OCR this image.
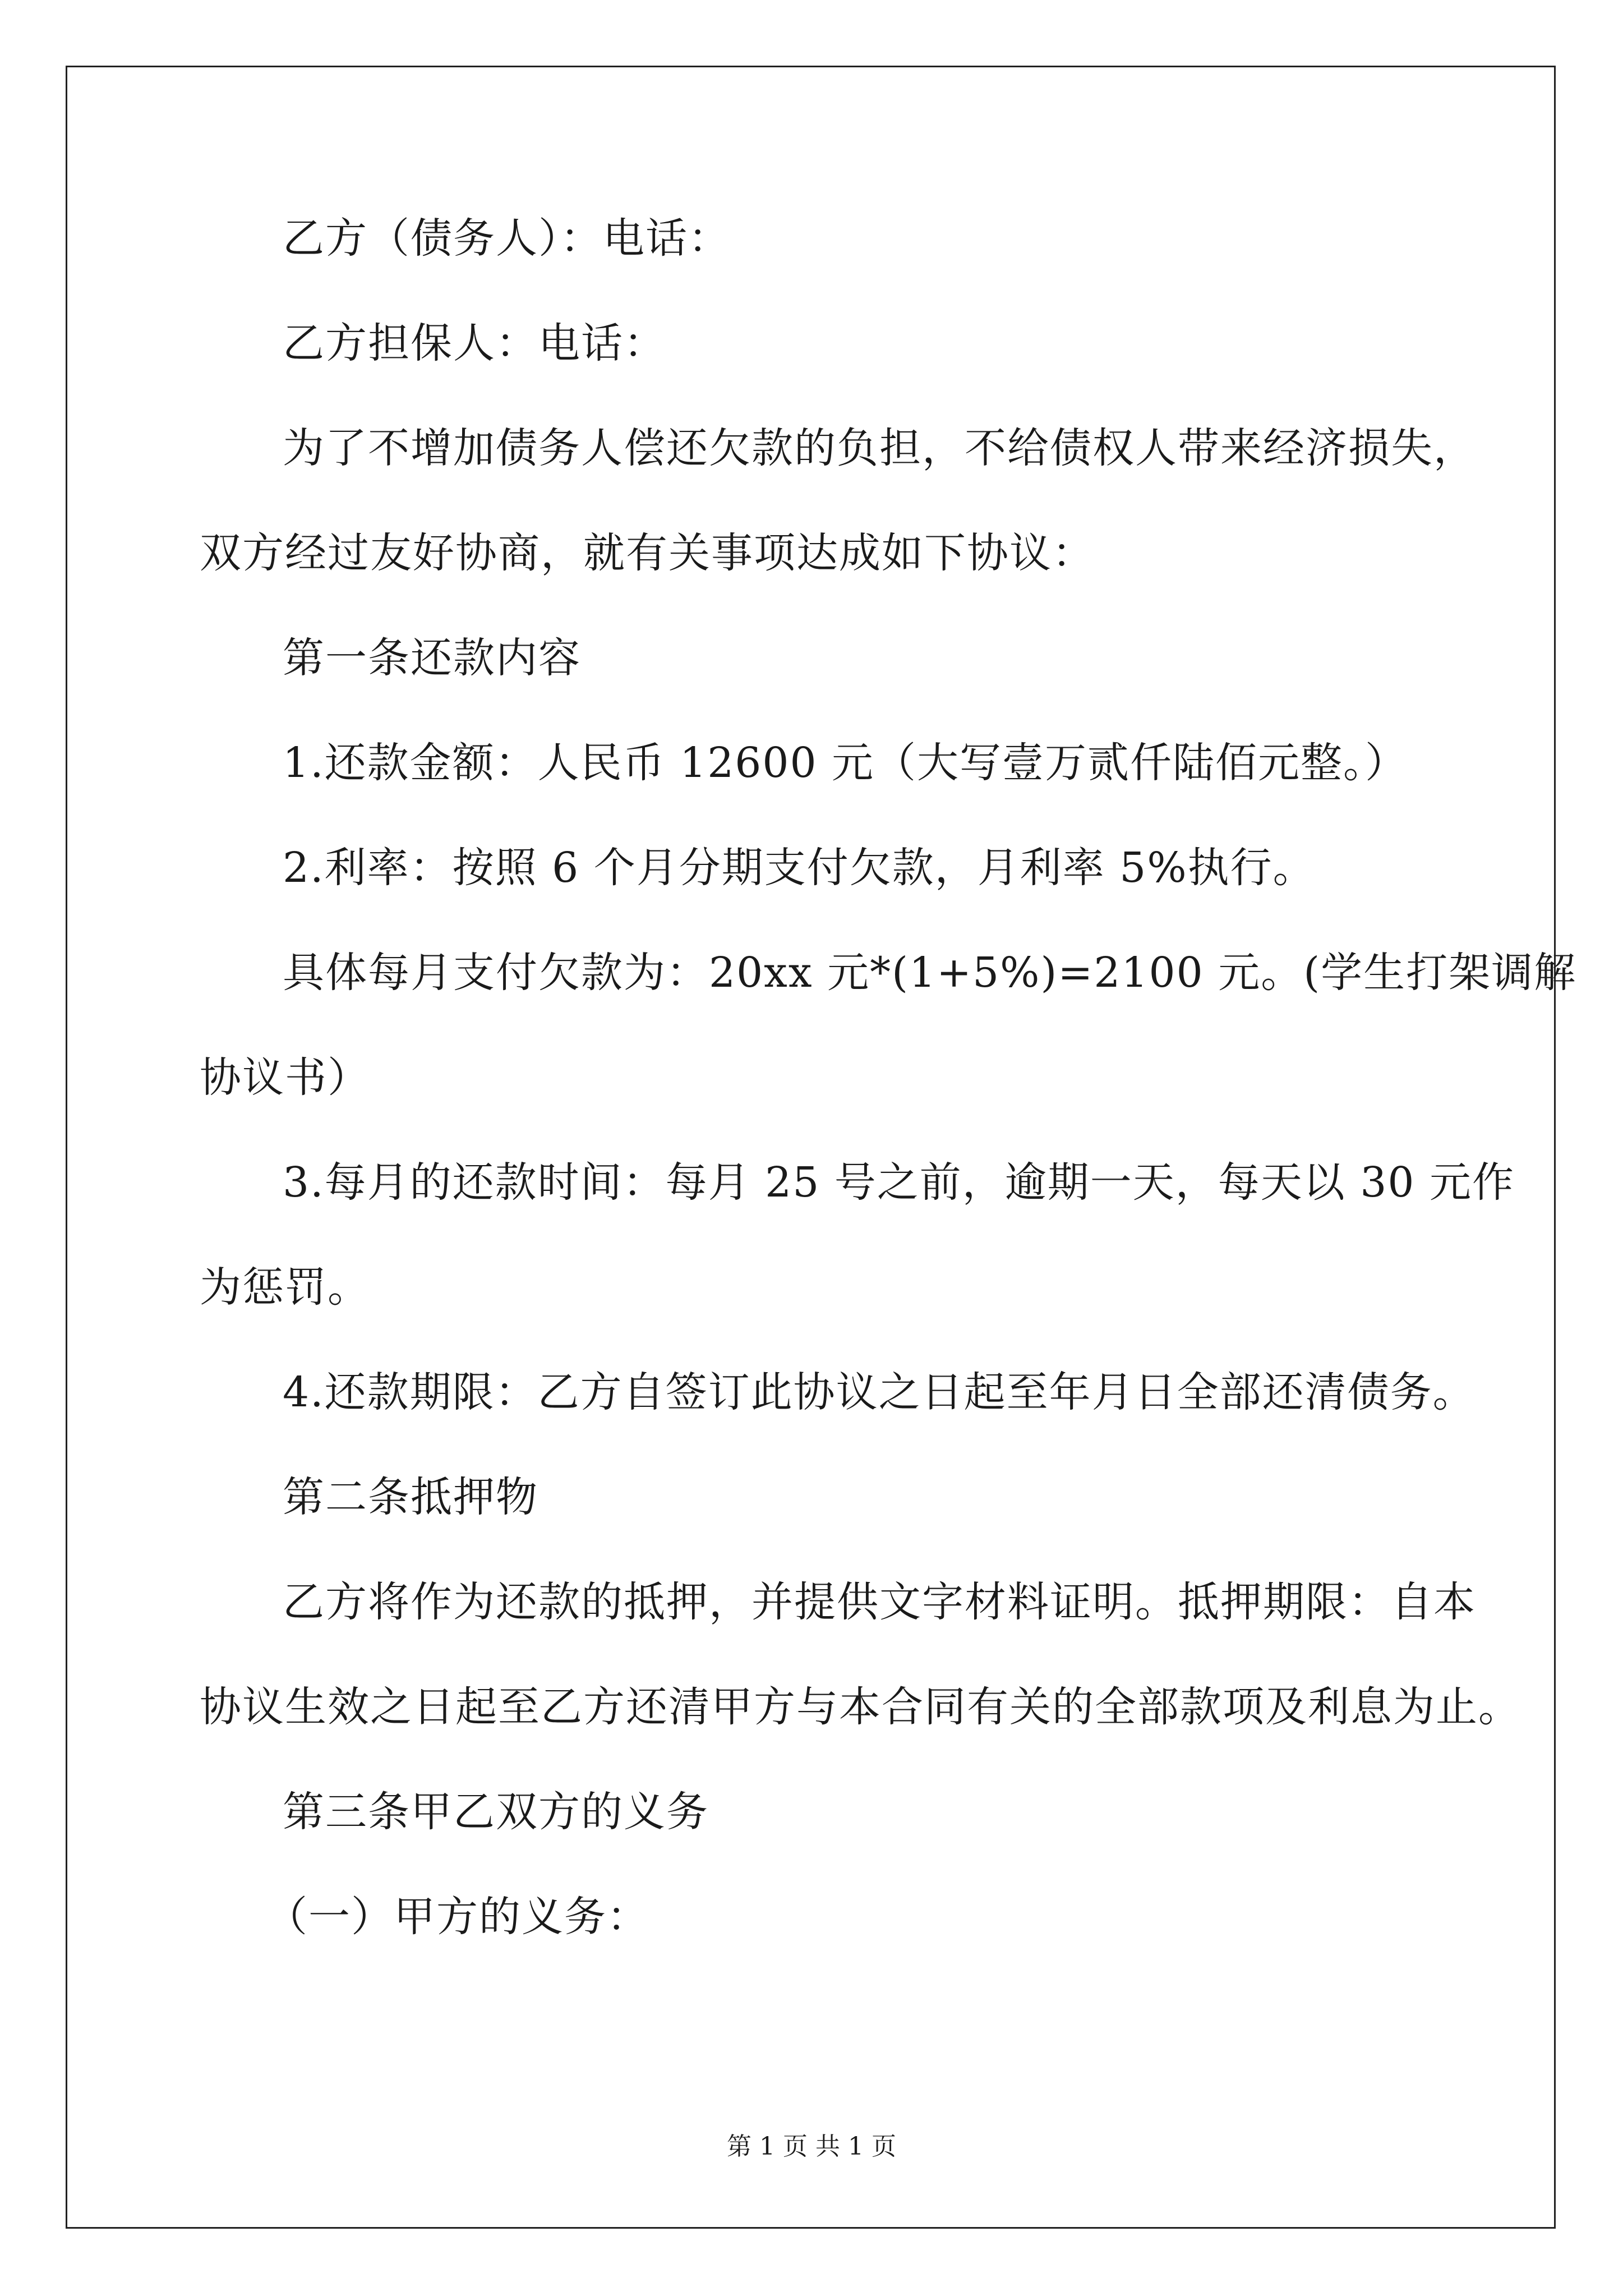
乙方（债务人）：电话：
乙方担保人：电话：
为了不增加债务人偿还欠款的负担，不给债权人带来经济损失，
双方经过友好协商，就有关事项达成如下协议：
第一条还款内容
1.还款金额：人民币 12600 元（大写壹万贰仟陆佰元整。）
2.利率：按照 6 个月分期支付欠款，月利率 5%执行。
具体每月支付欠款为：20xx 元*(1+5%)=2100 元。(学生打架调解
协议书）
3.每月的还款时间：每月 25 号之前，逾期一天，每天以 30 元作
为惩罚。
4.还款期限：乙方自签订此协议之日起至年月日全部还清债务。
第二条抵押物
乙方将作为还款的抵押，并提供文字材料证明。抵押期限：自本
协议生效之日起至乙方还清甲方与本合同有关的全部款项及利息为止。
第三条甲乙双方的义务
（一）甲方的义务：
第 1 页 共 1 页
